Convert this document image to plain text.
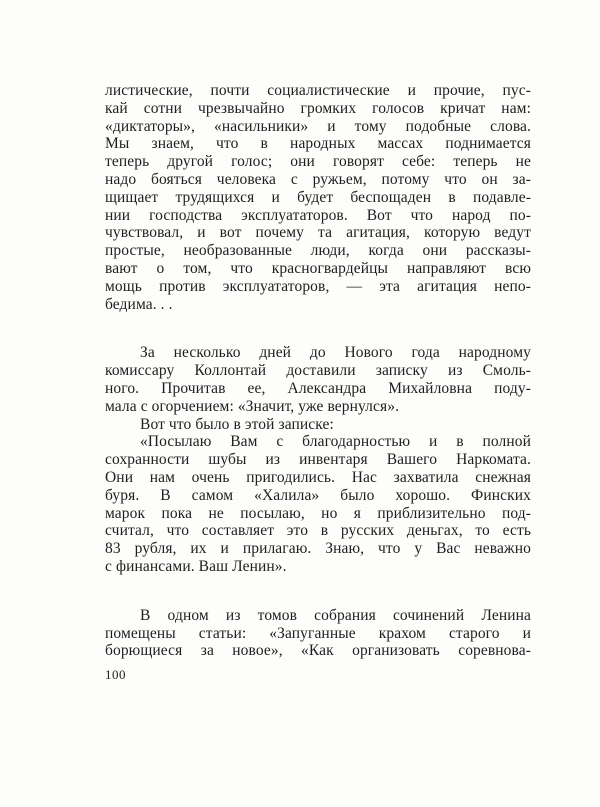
листические, почти социалистические и прочие, пус-
кай сотни чрезвычайно громких голосов кричат нам:
«диктаторы», «насильники» и тому подобные слова.
Мы знаем, что в народных массах поднимается
теперь другой голос; они говорят себе: теперь не
надо бояться человека с ружьем, потому что он за-
щищает трудящихся и будет беспощаден в подавле-
нии господства эксплуататоров. Вот что народ по-
чувствовал, и вот почему та агитация, которую ведут
простые, необразованные люди, когда они рассказы-
вают о том, что красногвардейцы направляют всю
мощь против эксплуататоров, — эта агитация непо-
бедима. . .
За несколько дней до Нового года народному
комиссару Коллонтай доставили записку из Смоль-
ного. Прочитав ее, Александра Михайловна поду-
мала с огорчением: «Значит, уже вернулся».
Вот что было в этой записке:
«Посылаю Вам с благодарностью и в полной
сохранности шубы из инвентаря Вашего Наркомата.
Они нам очень пригодились. Нас захватила снежная
буря. В самом «Халила» было хорошо. Финских
марок пока не посылаю, но я приблизительно под-
считал, что составляет это в русских деньгах, то есть
83 рубля, их и прилагаю. Знаю, что у Вас неважно
с финансами. Ваш Ленин».
В одном из томов собрания сочинений Ленина
помещены статьи: «Запуганные крахом старого и
борющиеся за новое», «Как организовать соревнова-
100
